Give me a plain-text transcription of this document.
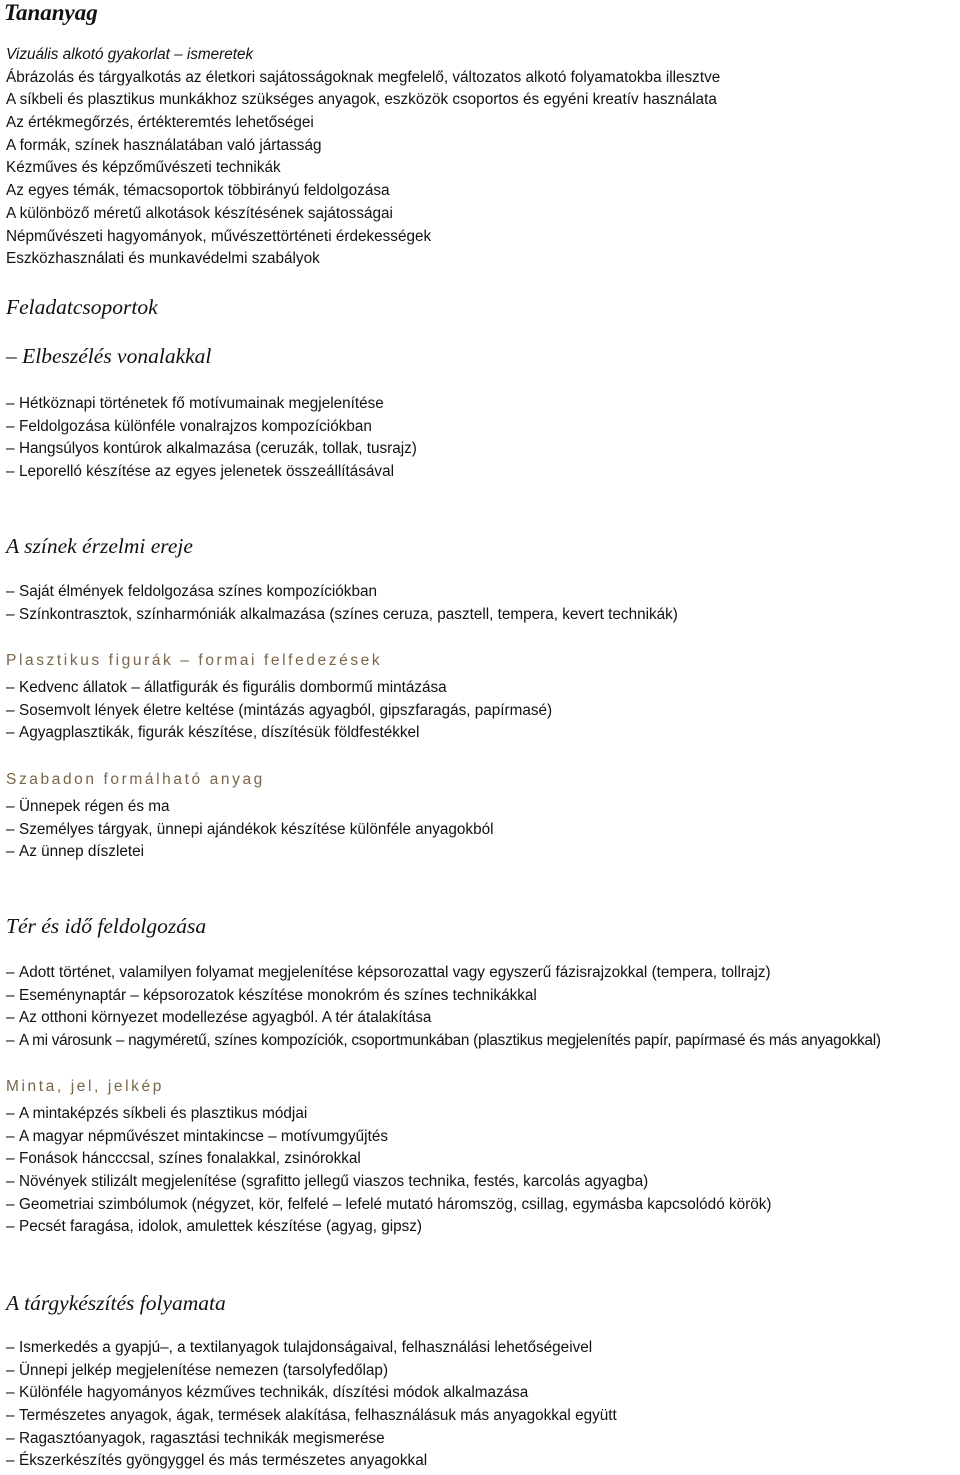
Tananyag
Vizuális alkotó gyakorlat – ismeretek
Ábrázolás és tárgyalkotás az életkori sajátosságoknak megfelelő, változatos alkotó folyamatokba illesztve
A síkbeli és plasztikus munkákhoz szükséges anyagok, eszközök csoportos és egyéni kreatív használata
Az értékmegőrzés, értékteremtés lehetőségei
A formák, színek használatában való jártasság
Kézműves és képzőművészeti technikák
Az egyes témák, témacsoportok többirányú feldolgozása
A különböző méretű alkotások készítésének sajátosságai
Népművészeti hagyományok, művészettörténeti érdekességek
Eszközhasználati és munkavédelmi szabályok
Feladatcsoportok
– Elbeszélés vonalakkal
– Hétköznapi történetek fő motívumainak megjelenítése
– Feldolgozása különféle vonalrajzos kompozíciókban
– Hangsúlyos kontúrok alkalmazása (ceruzák, tollak, tusrajz)
– Leporelló készítése az egyes jelenetek összeállításával
A színek érzelmi ereje
– Saját élmények feldolgozása színes kompozíciókban
– Színkontrasztok, színharmóniák alkalmazása (színes ceruza, pasztell, tempera, kevert technikák)
Plasztikus figurák – formai felfedezések
– Kedvenc állatok – állatfigurák és figurális dombormű mintázása
– Sosemvolt lények életre keltése (mintázás agyagból, gipszfaragás, papírmasé)
– Agyagplasztikák, figurák készítése, díszítésük földfestékkel
Szabadon formálható anyag
– Ünnepek régen és ma
– Személyes tárgyak, ünnepi ajándékok készítése különféle anyagokból
– Az ünnep díszletei
Tér és idő feldolgozása
– Adott történet, valamilyen folyamat megjelenítése képsorozattal vagy egyszerű fázisrajzokkal (tempera, tollrajz)
– Eseménynaptár – képsorozatok készítése monokróm és színes technikákkal
– Az otthoni környezet modellezése agyagból. A tér átalakítása
– A mi városunk – nagyméretű, színes kompozíciók, csoportmunkában (plasztikus megjelenítés papír, papírmasé és más anyagokkal)
Minta, jel, jelkép
– A mintaképzés síkbeli és plasztikus módjai
– A magyar népművészet mintakincse – motívumgyűjtés
– Fonások háncccsal, színes fonalakkal, zsinórokkal
– Növények stilizált megjelenítése (sgrafitto jellegű viaszos technika, festés, karcolás agyagba)
– Geometriai szimbólumok (négyzet, kör, felfelé – lefelé mutató háromszög, csillag, egymásba kapcsolódó körök)
– Pecsét faragása, idolok, amulettek készítése (agyag, gipsz)
A tárgykészítés folyamata
– Ismerkedés a gyapjú–, a textilanyagok tulajdonságaival, felhasználási lehetőségeivel
– Ünnepi jelkép megjelenítése nemezen (tarsolyfedőlap)
– Különféle hagyományos kézműves technikák, díszítési módok alkalmazása
– Természetes anyagok, ágak, termések alakítása, felhasználásuk más anyagokkal együtt
– Ragasztóanyagok, ragasztási technikák megismerése
– Ékszerkészítés gyöngyggel és más természetes anyagokkal
